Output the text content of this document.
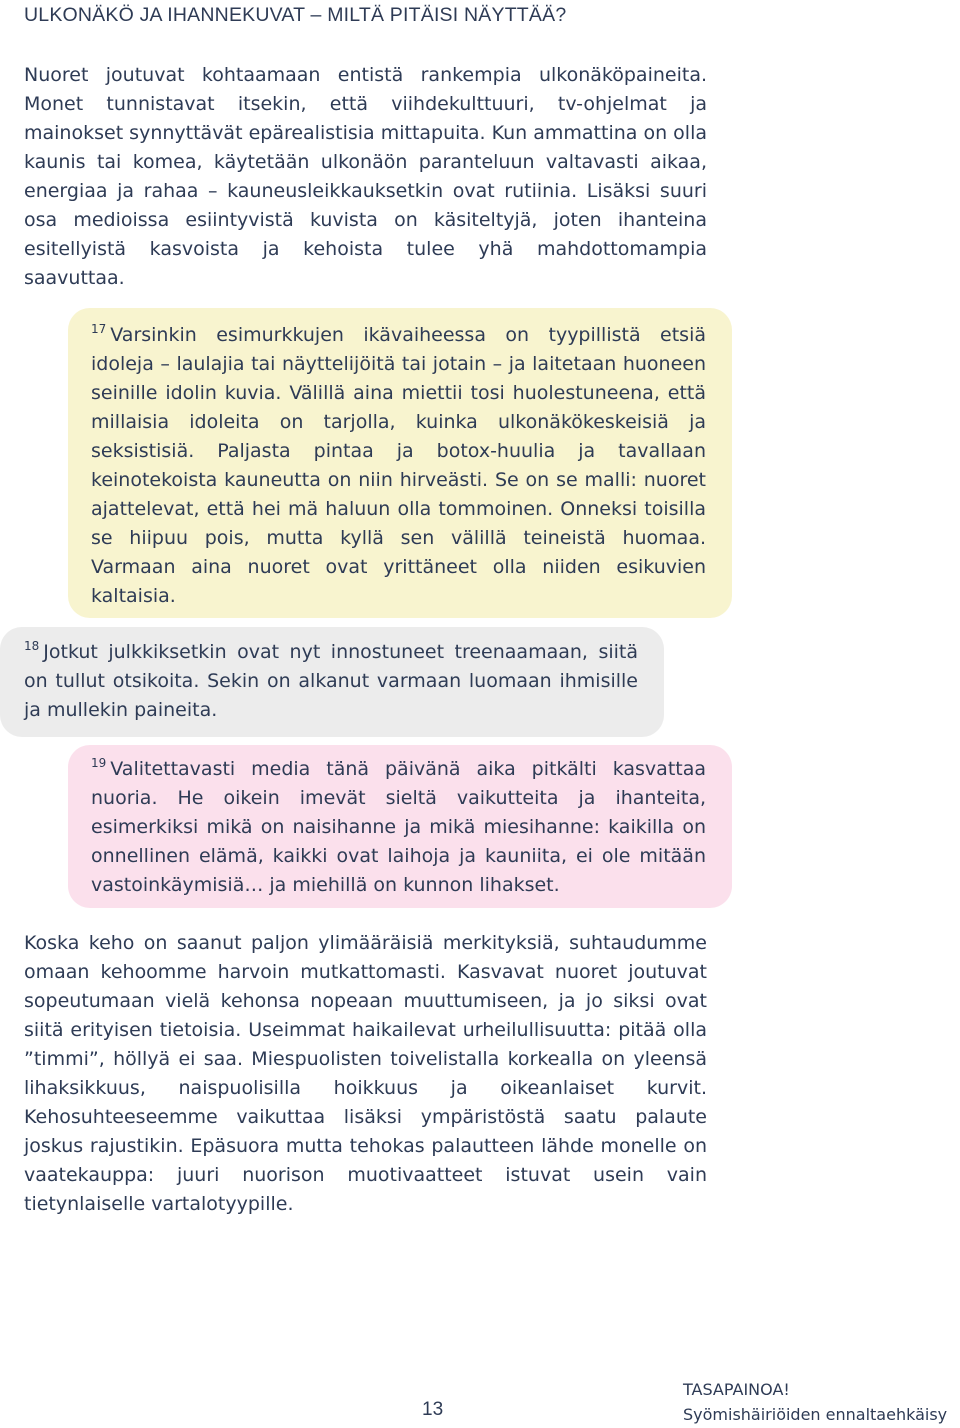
ULKONÄKÖ JA IHANNEKUVAT – MILTÄ PITÄISI NÄYTTÄÄ?

Nuoret joutuvat kohtaamaan entistä rankempia ulkonäköpaineita. Monet tunnistavat itsekin, että viihdekulttuuri, tv-ohjelmat ja mainokset synnyttävät epärealistisia mittapuita. Kun ammattina on olla kaunis tai komea, käytetään ulkonäön paranteluun valtavasti aikaa, energiaa ja rahaa – kauneusleikkauksetkin ovat rutiinia. Lisäksi suuri osa medioissa esiintyvistä kuvista on käsiteltyjä, joten ihanteina esitellyistä kasvoista ja kehoista tulee yhä mahdottomampia saavuttaa.

$^{17}$ Varsinkin esimurkkujen ikävaiheessa on tyypillistä etsiä idoleja – laulajia tai näyttelijöitä tai jotain – ja laitetaan huoneen seinille idolin kuvia. Välillä aina miettii tosi huolestuneena, että millaisia idoleita on tarjolla, kuinka ulkonäkökeskeisiä ja seksistisiä. Paljasta pintaa ja botox-huulia ja tavallaan keinotekoista kauneutta on niin hirveästi. Se on se malli: nuoret ajattelevat, että hei mä haluun olla tommoinen. Onneksi toisilla se hiipuu pois, mutta kyllä sen välillä teineistä huomaa. Varmaan aina nuoret ovat yrittäneet olla niiden esikuvien kaltaisia.

$^{18}$ Jotkut julkkiksetkin ovat nyt innostuneet treenaamaan, siitä on tullut otsikoita. Sekin on alkanut varmaan luomaan ihmisille ja mullekin paineita.

$^{19}$ Valitettavasti media tänä päivänä aika pitkälti kasvattaa nuoria. He oikein imevät sieltä vaikutteita ja ihanteita, esimerkiksi mikä on naisihanne ja mikä miesihanne: kaikilla on onnellinen elämä, kaikki ovat laihoja ja kauniita, ei ole mitään vastoinkäymisiä… ja miehillä on kunnon lihakset.

Koska keho on saanut paljon ylimääräisiä merkityksiä, suhtaudumme omaan kehoomme harvoin mutkattomasti. Kasvavat nuoret joutuvat sopeutumaan vielä kehonsa nopeaan muuttumiseen, ja jo siksi ovat siitä erityisen tietoisia. Useimmat haikailevat urheilullisuutta: pitää olla ”timmi”, höllyä ei saa. Miespuolisten toivelistalla korkealla on yleensä lihaksikkuus, naispuolisilla hoikkuus ja oikeanlaiset kurvit. Kehosuhteeseemme vaikuttaa lisäksi ympäristöstä saatu palaute joskus rajustikin. Epäsuora mutta tehokas palautteen lähde monelle on vaatekauppa: juuri nuorison muotivaatteet istuvat usein vain tietynlaiselle vartalotyypille.

13
TASAPAINOA!
Syömishäiriöiden ennaltaehkäisy
